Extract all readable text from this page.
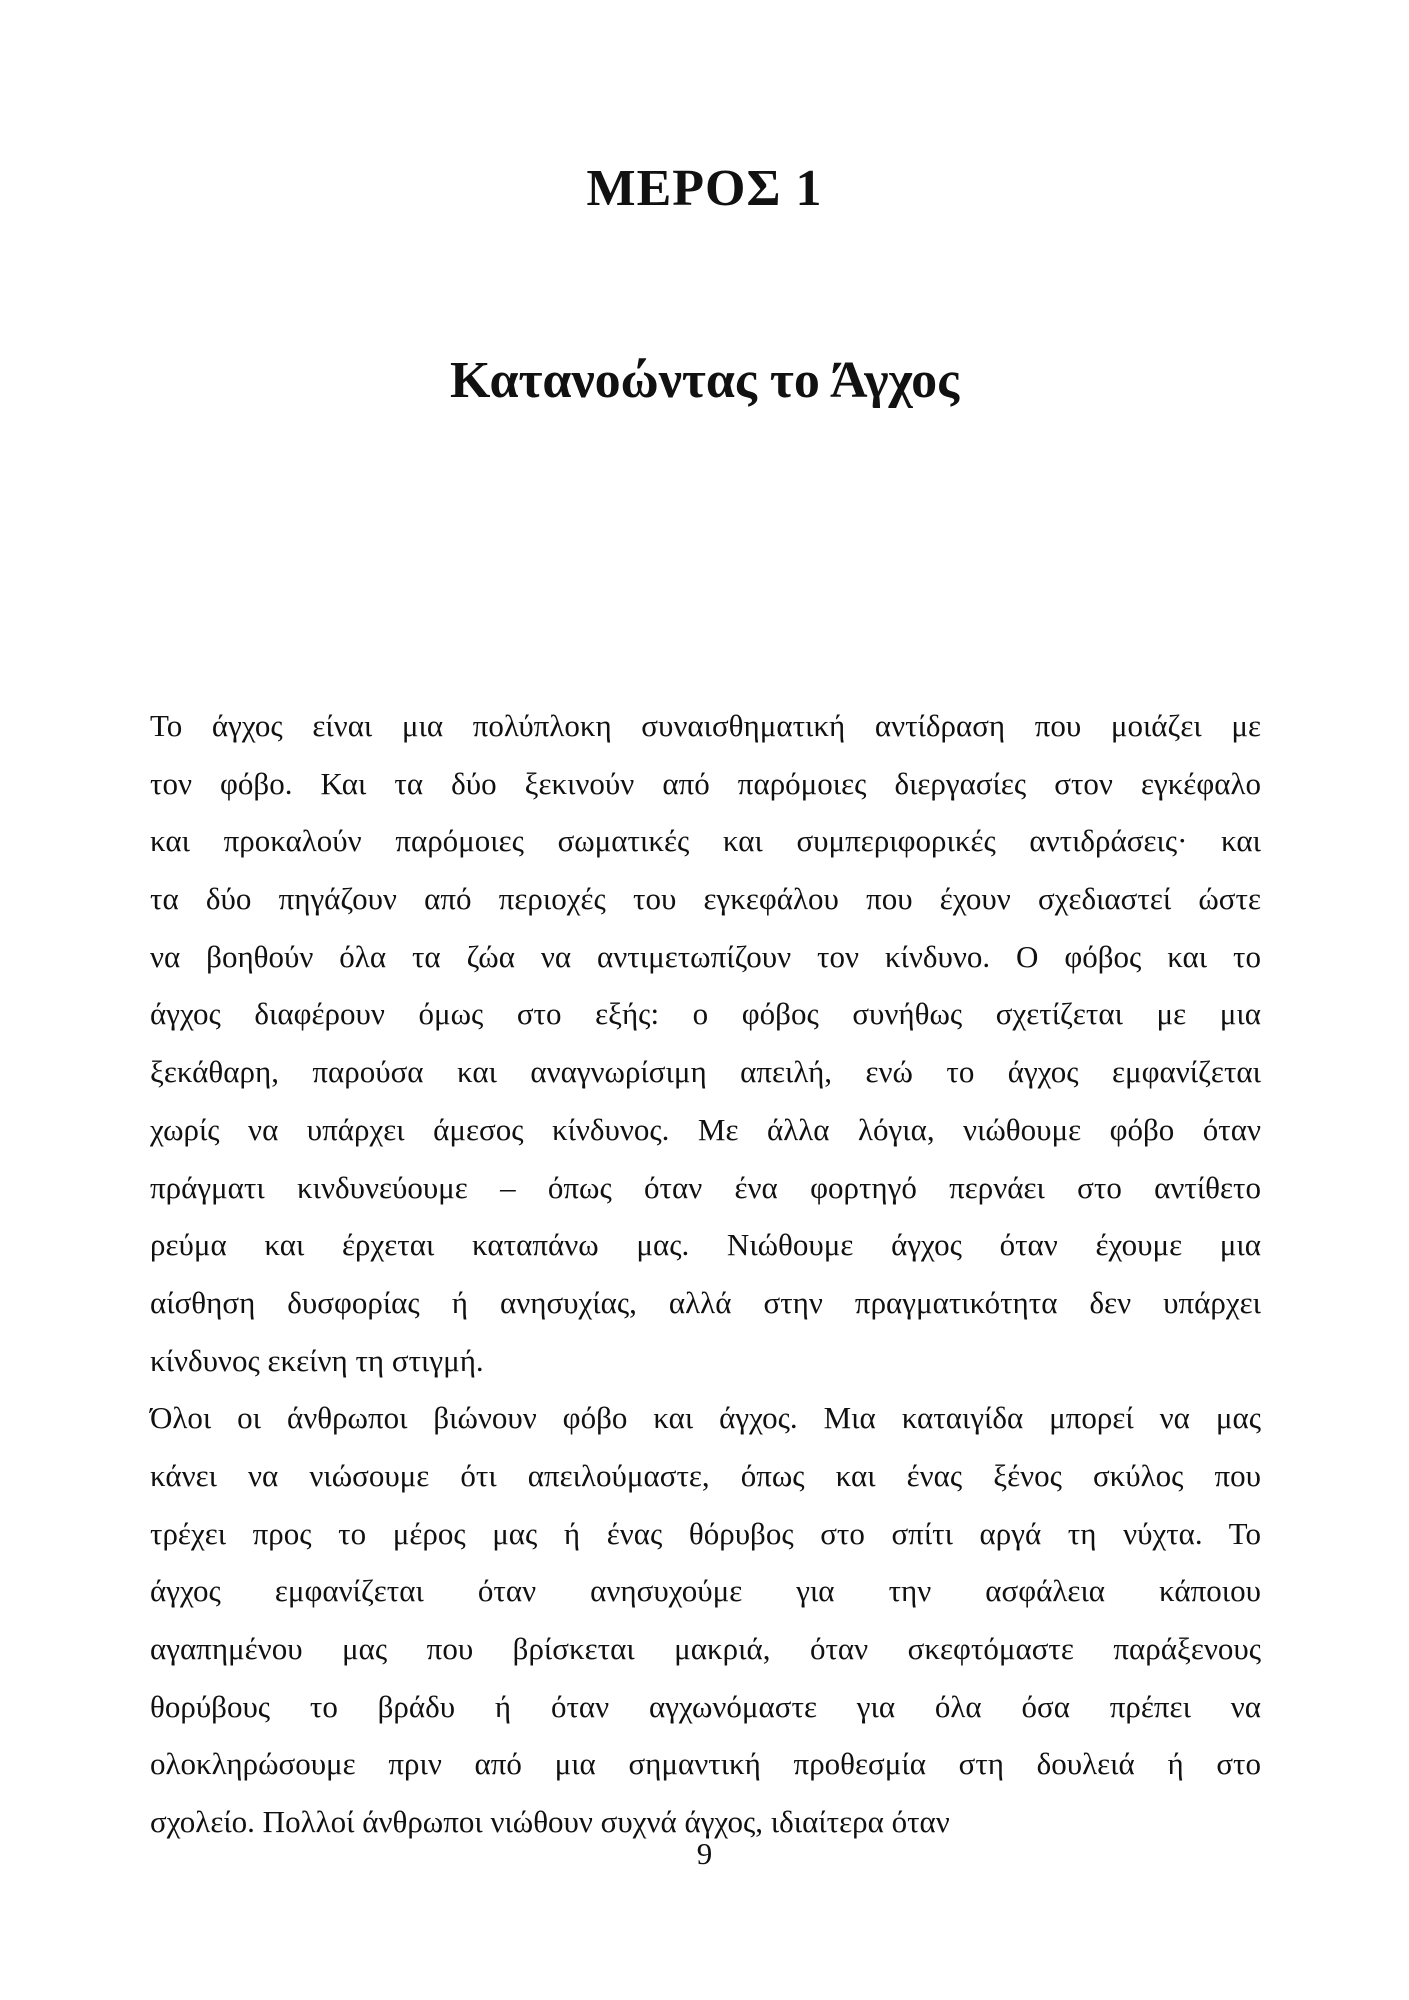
ΜΕΡΟΣ 1
Κατανοώντας το Άγχος
Το άγχος είναι μια πολύπλοκη συναισθηματική αντίδραση που μοιάζει με
τον φόβο. Και τα δύο ξεκινούν από παρόμοιες διεργασίες στον εγκέφαλο
και προκαλούν παρόμοιες σωματικές και συμπεριφορικές αντιδράσεις· και
τα δύο πηγάζουν από περιοχές του εγκεφάλου που έχουν σχεδιαστεί ώστε
να βοηθούν όλα τα ζώα να αντιμετωπίζουν τον κίνδυνο. Ο φόβος και το
άγχος διαφέρουν όμως στο εξής: ο φόβος συνήθως σχετίζεται με μια
ξεκάθαρη, παρούσα και αναγνωρίσιμη απειλή, ενώ το άγχος εμφανίζεται
χωρίς να υπάρχει άμεσος κίνδυνος. Με άλλα λόγια, νιώθουμε φόβο όταν
πράγματι κινδυνεύουμε – όπως όταν ένα φορτηγό περνάει στο αντίθετο
ρεύμα και έρχεται καταπάνω μας. Νιώθουμε άγχος όταν έχουμε μια
αίσθηση δυσφορίας ή ανησυχίας, αλλά στην πραγματικότητα δεν υπάρχει
κίνδυνος εκείνη τη στιγμή.
Όλοι οι άνθρωποι βιώνουν φόβο και άγχος. Μια καταιγίδα μπορεί να μας
κάνει να νιώσουμε ότι απειλούμαστε, όπως και ένας ξένος σκύλος που
τρέχει προς το μέρος μας ή ένας θόρυβος στο σπίτι αργά τη νύχτα. Το
άγχος εμφανίζεται όταν ανησυχούμε για την ασφάλεια κάποιου
αγαπημένου μας που βρίσκεται μακριά, όταν σκεφτόμαστε παράξενους
θορύβους το βράδυ ή όταν αγχωνόμαστε για όλα όσα πρέπει να
ολοκληρώσουμε πριν από μια σημαντική προθεσμία στη δουλειά ή στο
σχολείο. Πολλοί άνθρωποι νιώθουν συχνά άγχος, ιδιαίτερα όταν
9
